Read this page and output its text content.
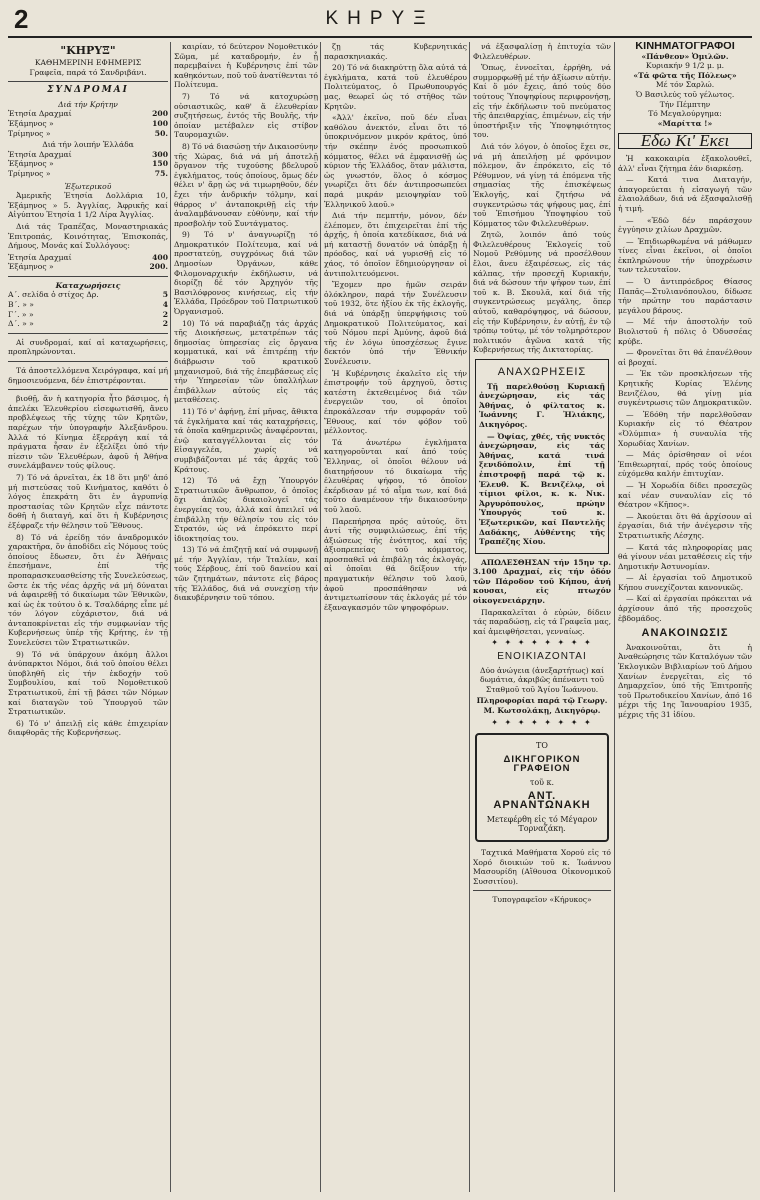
2	ΚΗΡΥΞ
"ΚΗΡΥΞ"
ΚΑΘΗΜΕΡΙΝΗ ΕΦΗΜΕΡΙΣ
Γραφεῖα, παρά τό Σανδριβάνι.
ΣΥΝΔΡΟΜΑΙ
Διά τήν Κρήτην
Ἐτησία Δραχμαί	200
Ἑξάμηνος »	100
Τρίμηνος »	50.
Διά τήν λοιπήν Ἑλλάδα
Ἐτησία Δραχμαί	300
Ἑξάμηνος »	150
Τρίμηνος »	75.
Ἐξωτερικοῦ

Ἀμερικῆς Ἐτησία Δολλάρια 10, Ἑξάμηνος » 5. Ἀγγλίας, Ἀφρικῆς καί Αἰγύπτου Ἐτησία 1 1/2 Λίρα Ἀγγλίας.

Διά τάς Τραπέζας, Μοναστηριακάς Ἐπιτροπάς, Κοινότητας, Ἐπισκοπάς, Δήμους, Μονάς καί Συλλόγους:

Ἐτησία Δραχμαί	400
Ἑξάμηνος »	200.
Καταχωρήσεις
Α΄. σελίδα ὁ στίχος Δρ.	5
Β΄. » »	4
Γ΄. » »	2
Δ΄. » »	2

Αἱ συνδρομαί, καί αἱ καταχωρήσεις, προπληρώνονται.

Τά ἀποστελλόμενα Χειρόγραφα, καί μή δημοσιευόμενα, δέν ἐπιστρέφονται.

βιοθῇ, ἄν ἡ κατηγορία ἦτο βάσιμος, ἡ ἀπελέκι Ἐλευθερίου εἰσεφωτισθῆ, ἄνευ προβλέψεως τῆς τύχης τῶν Κρητῶν, παρέχων τήν ὑπογραφήν Ἀλεξάνδρου. Ἀλλά τό Κίνημα ἐξερράγη καί τά πράγματα ἦσαν ἐν ἐξελίξει ὑπό τήν πίεσιν τῶν Ἐλευθέρων, ἀφοῦ ἡ Ἀθήνα συνελάμβανεν τούς φίλους.

7) Τό νά ἀρνεῖται, ἐκ 18 ὅτι μηδ' ἀπό μή πιστεύσας τοῦ Κινήματος, καθότι ὁ λόγος ἐπεκράτη ὅτι ἐν ἀγρυπνίᾳ προστασίας τῶν Κρητῶν εἶχε πάντοτε δοθῆ ἡ διαταγή, καί ὅτι ἡ Κυβέρνησις ἐξέφραζε τήν θέλησιν τοῦ Ἔθνους.

8) Τό νά ἐρείδῃ τόν ἀναδρομικόν χαρακτῆρα, ὅν ἀποδίδει εἰς Νόμους τούς ὁποίους ἔδωσεν, ὅτι ἐν Ἀθήναις ἐπεσήμανε, ἐπί τῆς προπαρασκευασθείσης τῆς Συνελεύσεως, ὥστε ἐκ τῆς νέας ἀρχῆς νά μή δύναται νά ἀφαιρεθῇ τό δικαίωμα τῶν Ἐθνικῶν, καί ὡς ἐκ τούτου ὁ κ. Τσαλδάρης εἶπε μέ τόν λόγον εὐχάριστον, διά νά ἀνταποκρίνεται εἰς τήν συμφωνίαν τῆς Κυβερνήσεως ὑπέρ τῆς Κρήτης, ἐν τῇ Συνελεύσει τῶν Στρατιωτικῶν.

9) Τό νά ὑπάρχουν ἀκόμη ἄλλοι ἀνύπαρκτοι Νόμοι, διά τοῦ ὁποίου θέλει ὑποβληθῆ εἰς τήν ἐκδοχήν τοῦ Συμβουλίου, καί τοῦ Νομοθετικοῦ Στρατιωτικοῦ, ἐπί τῇ βάσει τῶν Νόμων καί διαταγῶν τοῦ Ὑπουργοῦ τῶν Στρατιωτικῶν.

6) Τό ν' ἀπειλῇ εἰς κάθε ἐπιχειρίαν διαφθορᾶς τῆς Κυβερνήσεως.

καιρίαν, τό δεύτερον Νομοθετικόν Σῶμα, μέ καταδρομήν, ἐν ᾗ παρεμβαίνει ἡ Κυβέρνησις ἐπί τῶν καθηκόντων, ποῦ τοῦ ἀνατίθενται τό Πολίτευμα.

7) Τό νά κατοχυρώσῃ οὐσιαστικῶς, καθ' ἅ ἐλευθερίαν συζητήσεως, ἐντός τῆς Βουλῆς, τήν ὁποίαν μετέβαλεν εἰς στίβον Ταυρομαχιῶν.

8) Τό νά διασώσῃ τήν Δικαιοσύνην τῆς Χώρας, διά νά μή ἀποτελῇ ὄργανον τῆς τυχούσης βδελυροῦ ἐγκλήματος, τούς ὁποίους, ὅμως δέν θέλει ν' ἄρῃ ὡς νά τιμωρηθοῦν, δέν ἔχει τήν ἀνδρικήν τόλμην, καί θάρρος ν' ἀνταποκριθῇ εἰς τήν ἀναλαμβάνουσαν εὐθύνην, καί τήν προσβολήν τοῦ Συντάγματος.

9) Τό ν' ἀναγνωρίζῃ τό Δημοκρατικόν Πολίτευμα, καί νά προστατεύῃ, συγχρόνως διά τῶν Δημοσίων Ὀργάνων, κάθε Φιλομοναρχικήν ἐκδήλωσιν, νά διορίζῃ δέ τόν Ἀρχηγόν τῆς Βασιλόφρονος κινήσεως, εἰς τήν Ἑλλάδα, Πρόεδρον τοῦ Πατριωτικοῦ Ὀργανισμοῦ.

10) Τό νά παραβιάζῃ τάς ἀρχάς τῆς Διοικήσεως, μετατρέπων τάς δημοσίας ὑπηρεσίας εἰς ὄργανα κομματικά, καί νά ἐπιτρέπῃ τήν διάβρωσιν τοῦ κρατικοῦ μηχανισμοῦ, διά τῆς ἐπεμβάσεως εἰς τήν Ὑπηρεσίαν τῶν ὑπαλλήλων ἐπιβάλλων αὐτούς εἰς τάς μεταθέσεις.

11) Τό ν' ἀφήνῃ, ἐπί μῆνας, ἄθικτα τά ἐγκλήματα καί τάς καταχρήσεις, τά ὁποῖα καθημερινῶς ἀναφέρονται, ἐνῷ καταγγέλλονται εἰς τόν Εἰσαγγελέα, χωρίς νά συμβιβάζονται μέ τάς ἀρχάς τοῦ Κράτους.

12) Τό νά ἔχῃ Ὑπουργόν Στρατιωτικῶν ἄνθρωπον, ὁ ὁποῖος ὄχι ἁπλῶς δικαιολογεῖ τάς ἐνεργείας του, ἀλλά καί ἀπειλεῖ νά ἐπιβάλλῃ τήν θέλησίν του εἰς τόν Στρατόν, ὡς νά ἐπρόκειτο περί ἰδιοκτησίας του.

13) Τό νά ἐπιζητῇ καί νά συμφωνῇ μέ τήν Ἀγγλίαν, τήν Ἰταλίαν, καί τούς Σέρβους, ἐπί τοῦ δανείου καί τῶν ζητημάτων, πάντοτε εἰς βάρος τῆς Ἑλλάδος, διά νά συνεχίσῃ τήν διακυβέρνησιν τοῦ τόπου.

ζῃ τάς Κυβερνητικάς παρασκηνιακάς.

20) Τό νά διακηρύττῃ ὅλα αὐτά τά ἐγκλήματα, κατά τοῦ ἐλευθέρου Πολιτεύματος, ὁ Πρωθυπουργός μας, θεωρεῖ ὡς τό στῆθος τῶν Κρητῶν.

«Ἀλλ' ἐκεῖνο, ποῦ δέν εἶναι καθόλου ἀνεκτόν, εἶναι ὅτι τό ὑποκρινόμενον μικρόν κράτος, ὑπό τήν σκέπην ἑνός προσωπικοῦ κόμματος, θέλει νά ἐμφανισθῇ ὡς κύριον τῆς Ἑλλάδος, ὅταν μάλιστα, ὡς γνωστόν, ὅλος ὁ κόσμος γνωρίζει ὅτι δέν ἀντιπροσωπεύει παρά μικράν μειοψηφίαν τοῦ Ἑλληνικοῦ λαοῦ.»

Διά τήν πεμπτήν, μόνον, δέν ἐλέπομεν, ὅτι ἐπιχειρεῖται ἐπί τῆς ἀρχῆς, ἡ ὁποία κατεδίκασε, διά νά μή καταστῇ δυνατόν νά ὑπάρξῃ ἡ πρόοδος, καί νά γυρισθῇ εἰς τό χάος, τό ὁποῖον ἔδημιούργησαν οἱ ἀντιπολιτευόμενοι.

Ἔχομεν προ ἡμῶν σειράν ὁλόκληρον, παρά τήν Συνέλευσιν τοῦ 1932, ὅτε ἠξίου ἐκ τῆς ἐκλογῆς, διά νά ὑπάρξῃ ὑπερψήφισις τοῦ Δημοκρατικοῦ Πολιτεύματος, καί τοῦ Νόμου περί Ἀμύνης, ἀφοῦ διά τῆς ἐν λόγω ὑποσχέσεως ἔγινε δεκτόν ὑπό τήν Ἐθνικήν Συνέλευσιν.

Ἡ Κυβέρνησις ἐκαλεῖτο εἰς τήν ἐπιστροφήν τοῦ ἀρχηγοῦ, ὅστις κατέστη ἐκτεθειμένος διά τῶν ἐνεργειῶν του, οἱ ὁποῖοι ἐπροκάλεσαν τήν συμφοράν τοῦ Ἔθνους, καί τόν φόβον τοῦ μέλλοντος.

Τά ἀνωτέρω ἐγκλήματα κατηγοροῦνται καί ἀπό τούς Ἔλληνας, οἱ ὁποῖοι θέλουν νά διατηρήσουν τό δικαίωμα τῆς ἐλευθέρας ψήφου, τό ὁποῖον ἐκέρδισαν μέ τό αἷμα των, καί διά τοῦτο ἀναμένουν τήν δικαιοσύνην τοῦ λαοῦ.

Παρεπήρησα πρός αὐτούς, ὅτι ἀντί τῆς συμφιλιώσεως, ἐπί τῆς ἀξιώσεως τῆς ἐνότητος, καί τῆς ἀξιοπρεπείας τοῦ κόμματος, προσπαθεῖ νά ἐπιβάλῃ τάς ἐκλογάς, αἱ ὁποῖαι θά δείξουν τήν πραγματικήν θέλησιν τοῦ λαοῦ, ἀφοῦ προσπάθησαν νά ἀντιμετωπίσουν τάς ἐκλογάς μέ τόν ἐξαναγκασμόν τῶν ψηφοφόρων.

νά ἐξασφαλίσῃ ἡ ἐπιτυχία τῶν Φιλελευθέρων.

Ὅπως, ἐννοεῖται, ἐρρήθη, νά συμμορφωθῇ μέ τήν ἀξίωσιν αὐτήν. Καί ὅ μόν ἔχεις, ἀπό τούς δύο τούτους Ὑποψηφίους περιφρονήσῃ, εἰς τήν ἐκδήλωσιν τοῦ πνεύματος τῆς ἀπειθαρχίας, ἐπιμένων, εἰς τήν ὑποστήριξιν τῆς Ὑποψηφιότητος του.

Διά τόν λόγον, ὁ ὁποῖος ἔχει σε, νά μή ἀπειλήσῃ μέ φρόνιμον πόλεμον, ἄν ἐπρόκειτο, εἰς τό Ρέθυμνον, νά γίνῃ τά ἐπόμενα τῆς σημασίας τῆς ἐπισκέψεως Ἐκλογῆς, καί ζητήσω νά συγκεντρώσω τάς ψήφους μας, ἐπί τοῦ Ἐπισήμου Ὑποψηφίου τοῦ Κόμματος τῶν Φιλελευθέρων.

Ζητῶ, λοιπόν ἀπό τούς Φιλελευθέρους Ἐκλογείς τοῦ Νομοῦ Ρεθύμνης νά προσέλθουν ἔλοι, ἄνευ ἐξαιρέσεως, εἰς τάς κάλπας, τήν προσεχῆ Κυριακήν, διά νά δώσουν τήν ψῆφον των, ἐπί τοῦ κ. Β. Σκουλᾶ, καί διά τῆς συγκεντρώσεως μεγάλης, ὅπερ αὐτοῦ, καθαρόψηφος, νά δώσουν, εἰς τήν Κυβέρνησιν, ἐν αὐτῇ, ἐν τῷ τρόπῳ τούτῳ, μέ τόν τολμηρότερον πολιτικόν ἀγῶνα κατά τῆς Κυβερνήσεως τῆς Δικτατορίας.

ΑΝΑΧΩΡΗΣΕΙΣ

Τῇ παρελθούσῃ Κυριακῇ ἀνεχώρησαν, εἰς τάς Ἀθήνας, ὁ φίλτατος κ. Ἰωάννης Γ. Ἠλιάκης, Δικηγόρος.

— Ὀψίας, χθές, τῆς νυκτός ἀνεχώρησαν, εἰς τάς Ἀθήνας, κατά τινά ξενιδόπολιν, ἐπί τῇ ἐπιστροφῇ παρά τῷ κ. Ἐλευθ. Κ. Βενιζέλῳ, οἱ τίμιοι φίλοι, κ. κ. Νικ. Ἀργυρόπουλος, πρώην Ὑπουργός τοῦ κ. Ἐξωτερικῶν, καί Παντελῆς Δαδάκης, Αὐθέντης τῆς Τραπέζης Χίου.

ΑΠΩΛΕΣΘΗΣΑΝ τήν 15ην τρ. 3.100 Δραχμαί, εἰς τήν ὁδόν τῶν Πάροδον τοῦ Κήπου, ἀνή κουσαι, εἰς πτωχόν οἰκογενειάρχην.

Παρακαλεῖται ὁ εὑρών, δίδειν τάς παραδώσῃ, εἰς τά Γραφεῖα μας, καί ἀμειφθήσεται, γενναίως.

✦ ✦ ✦ ✦ ✦ ✦ ✦ ✦
ΕΝΟΙΚΙΑΖΟΝΤΑΙ

Δύο ἀνώγεια (ἀνεξαρτήτως) καί δωμάτια, ἀκριβῶς ἀπέναντι τοῦ Σταθμοῦ τοῦ Ἁγίου Ἰωάννου.

Πληροφορίαι παρά τῷ Γεωργ. Μ. Κωτσολάκῃ, Δικηγόρῳ.

✦ ✦ ✦ ✦ ✦ ✦ ✦ ✦
ΤΟ
ΔΙΚΗΓΟΡΙΚΟΝ ΓΡΑΦΕΙΟΝ
τοῦ κ.
ΑΝΤ. ΑΡΝΑΝΤΩΝΑΚΗ
Μετεφέρθη εἰς τό Μέγαρον Τορναζάκη.

Ταχτικά Μαθήματα Χορού εἰς τό Χορό διοικιών τοῦ κ. Ἰωάννου Μασουρίδη (Αἴθουσα Οἰκονομικοῦ Συσσιτίου).

Τυπογραφεῖον «Κήρυκος»
ΚΙΝΗΜΑΤΟΓΡΑΦΟΙ
«Πάνθεον» Ὀμιλῶν.
Κυριακήν 9 1/2 μ. μ.
«Τά φῶτα τῆς Πόλεως»
Μέ τόν Σαρλώ.
Ὁ Βασιλεύς τοῦ γέλωτος.
Τήν Πέμπτην
Τό Μεγαλούργημα:
«Μαρίττα !»
Εδω Κι' Εκει

Ἡ κακοκαιρία ἐξακολουθεῖ, ἀλλ' εἶναι ζήτημα ἐάν διαρκέσῃ.

— Κατά τινα Διαταγήν, ἀπαγορεύεται ἡ εἰσαγωγή τῶν ἑλαιολάδων, διά νά ἐξασφαλισθῇ ἡ τιμή.

— «Ἐδῶ δέν παράσχουν ἐγγύησιν χιλίων Δραχμῶν.

— Ἐπιδιωρθωμένα νά μάθωμεν τίνες εἶναι ἐκεῖνοι, οἱ ὁποῖοι ἐκπληρώνουν τήν ὑποχρέωσιν των τελευταῖον.

— Ὁ ἀντιπρόεδρος Θίασος Παπᾶς—Στυλιανόπουλου, δίδωσε τήν πρώτην του παράστασιν μεγάλου βάρους.

— Μέ τήν ἀποστολήν τοῦ Βιολιστοῦ ἡ πόλις ὁ Ὀδυσσέας κρύβε.

— Φρονεῖται ὅτι θά ἐπανέλθουν αἱ βροχαί.

— Ἐκ τῶν προσκλήσεων τῆς Κρητικῆς Κυρίας Ἑλένης Βενιζέλου, θά γίνῃ μία συγκέντρωσις τῶν Δημοκρατικῶν.

— Ἐδόθη τήν παρελθοῦσαν Κυριακήν εἰς τό Θέατρον «Ὀλύμπια» ἡ συναυλία τῆς Χορωδίας Χανίων.

— Μάς ὁρίσθησαν οἱ νέοι Ἐπιθεωρηταί, πρός τούς ὁποίους εὐχόμεθα καλήν ἐπιτυχίαν.

— Ἡ Χορωδία δίδει προσεχῶς καί νέαν συναυλίαν εἰς τό Θέατρον «Κῆπος».

— Ἀκούεται ὅτι θά ἀρχίσουν αἱ ἐργασίαι, διά τήν ἀνέγερσιν τῆς Στρατιωτικῆς Λέσχης.

— Κατά τάς πληροφορίας μας θά γίνουν νέαι μεταθέσεις εἰς τήν Δημοτικήν Ἀστυνομίαν.

— Αἱ ἐργασίαι τοῦ Δημοτικοῦ Κήπου συνεχίζονται κανονικῶς.

— Καί αἱ ἐργασίαι πρόκειται νά ἀρχίσουν ἀπό τῆς προσεχοῦς ἑβδομάδος.

ΑΝΑΚΟΙΝΩΣΙΣ

Ἀνακοινοῦται, ὅτι ἡ Ἀναθεώρησις τῶν Καταλόγων τῶν Ἐκλογικῶν Βιβλιαρίων τοῦ Δήμου Χανίων ἐνεργεῖται, εἰς τό Δημαρχεῖον, ὑπό τῆς Ἐπιτροπῆς τοῦ Πρωτοδικείου Χανίων, ἀπό 16 μέχρι τῆς 1ης Ἰανουαρίου 1935, μέχρις τῆς 31 ἰδίου.
